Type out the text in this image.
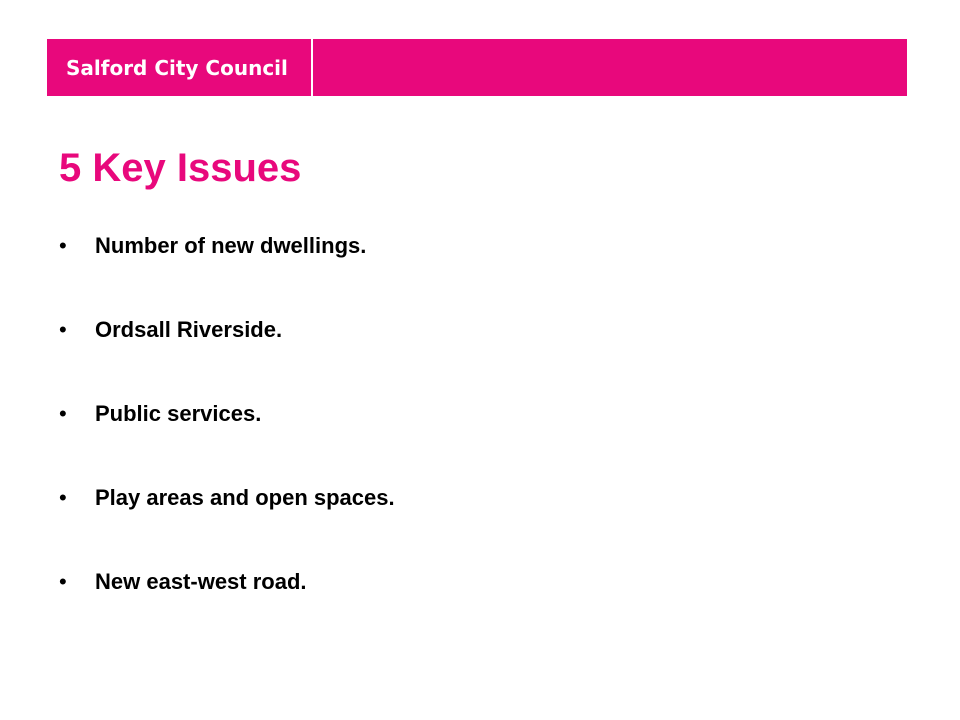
Salford City Council
5 Key Issues
•	Number of new dwellings.
•	Ordsall Riverside.
•	Public services.
•	Play areas and open spaces.
•	New east-west road.
